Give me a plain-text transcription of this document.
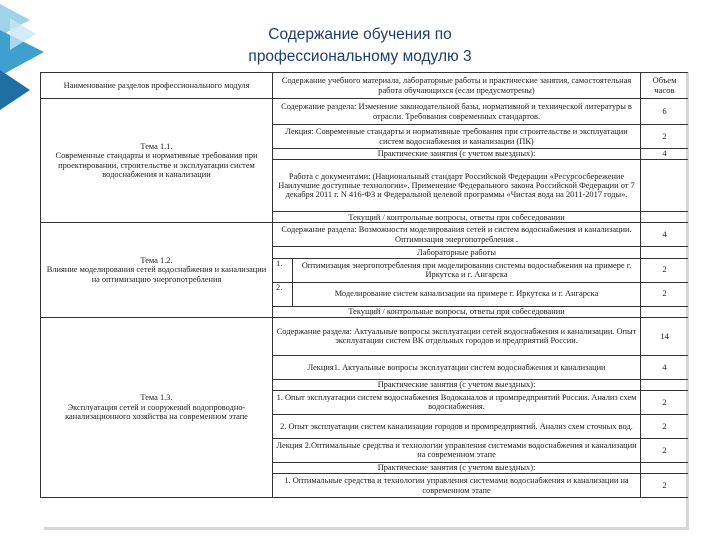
Содержание обучения по
профессиональному модулю 3
Наименование разделов профессионального модуля	Содержание учебного материала, лабораторные работы и практические занятия, самостоятельная работа обучающихся (если предусмотрены)		Объем часов

Тема 1.1.
Современные стандарты и нормативные требования при проектировании, строительстве и эксплуатации систем водоснабжения и канализации	Содержание раздела: Изменение законодательной базы, нормативной и технической литературы в отрасли. Требования современных стандартов.		6
	Лекция: Современные стандарты и нормативные требования при строительстве и эксплуатации систем водоснабжения и канализации (ПК)		2
	Практические занятия (с учетом выездных):		4
	Работа с документами: (Национальный стандарт Российской Федерации «Ресурсосбережение Наилучшие доступные технологии». Применение Федерального закона Российской Федерации от 7 декабря 2011 г. N 416-ФЗ и Федеральной целевой программы «Чистая вода на 2011-2017 годы».		
	Текущий / контрольные вопросы, ответы при собеседовании		

Тема 1.2.
Влияние моделирования сетей водоснабжения и канализации на оптимизацию энергопотребления	Содержание раздела: Возможности моделирования сетей и систем водоснабжения и канализации. Оптимизация энергопотребления .		4
	Лабораторные работы		
	1.	Оптимизация энергопотребления при моделировании системы водоснабжения на примере г. Иркутска и г. Ангарска	2
	2.	Моделирование систем канализации на примере г. Иркутска и г. Ангарска	2
	Текущий / контрольные вопросы, ответы при собеседовании		

Тема 1.3.
Эксплуатация сетей и сооружений водопроводно-канализационного хозяйства на современном этапе	Содержание раздела: Актуальные вопросы эксплуатации сетей водоснабжения и канализации. Опыт эксплуатации систем ВК отдельных городов и предприятий России.		14
	Лекция1. Актуальные вопросы эксплуатации систем водоснабжения и канализации		4
	Практические занятия (с учетом выездных):		
	1. Опыт эксплуатации систем водоснабжения Водоканалов и промпредприятий России. Анализ схем водоснабжения.		2
	2. Опыт эксплуатации систем канализации городов и промпредприятий. Анализ схем сточных вод.		2
	Лекция 2.Оптимальные средства и технологии управления системами водоснабжения и канализации на современном этапе		2
	Практические занятия (с учетом выездных):		
	1. Оптимальные средства и технологии управления системами водоснабжения и канализации на современном этапе		2
